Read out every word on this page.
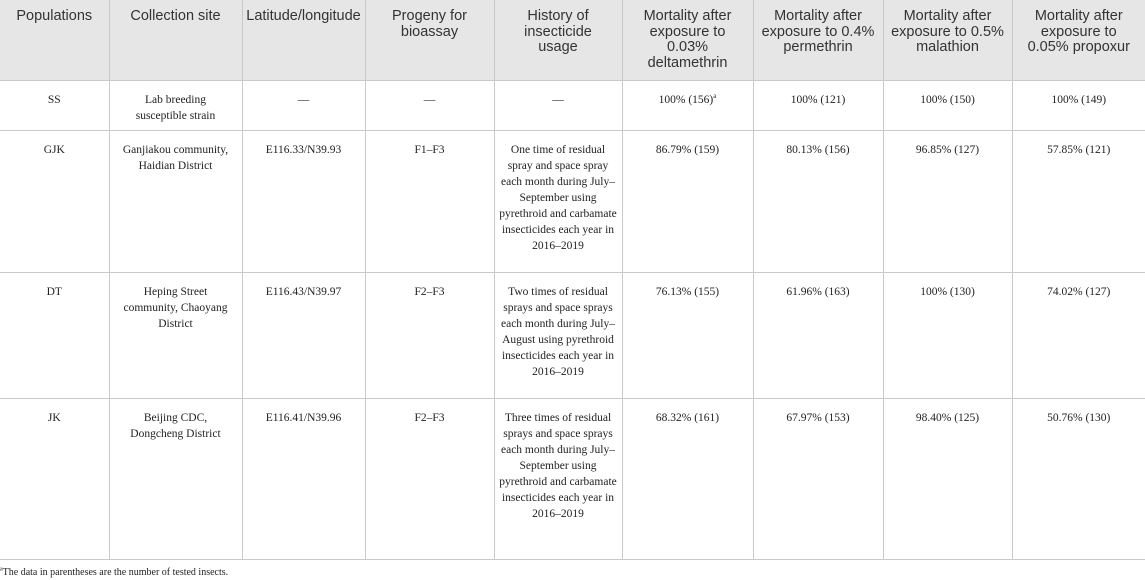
Populations	Collection site	Latitude/longitude	Progeny for bioassay	History of insecticide usage	Mortality after exposure to 0.03% deltamethrin	Mortality after exposure to 0.4% permethrin	Mortality after exposure to 0.5% malathion	Mortality after exposure to 0.05% propoxur
SS	Lab breeding susceptible strain	—	—	—	100% $(156)^a$	100% (121)	100% (150)	100% (149)
GJK	Ganjiakou community, Haidian District	E116.33/N39.93	F1–F3	One time of residual spray and space spray each month during July–September using pyrethroid and carbamate insecticides each year in 2016–2019	86.79% (159)	80.13% (156)	96.85% (127)	57.85% (121)
DT	Heping Street community, Chaoyang District	E116.43/N39.97	F2–F3	Two times of residual sprays and space sprays each month during July–August using pyrethroid insecticides each year in 2016–2019	76.13% (155)	61.96% (163)	100% (130)	74.02% (127)
JK	Beijing CDC, Dongcheng District	E116.41/N39.96	F2–F3	Three times of residual sprays and space sprays each month during July–September using pyrethroid and carbamate insecticides each year in 2016–2019	68.32% (161)	67.97% (153)	98.40% (125)	50.76% (130)

$^a$The data in parentheses are the number of tested insects.
